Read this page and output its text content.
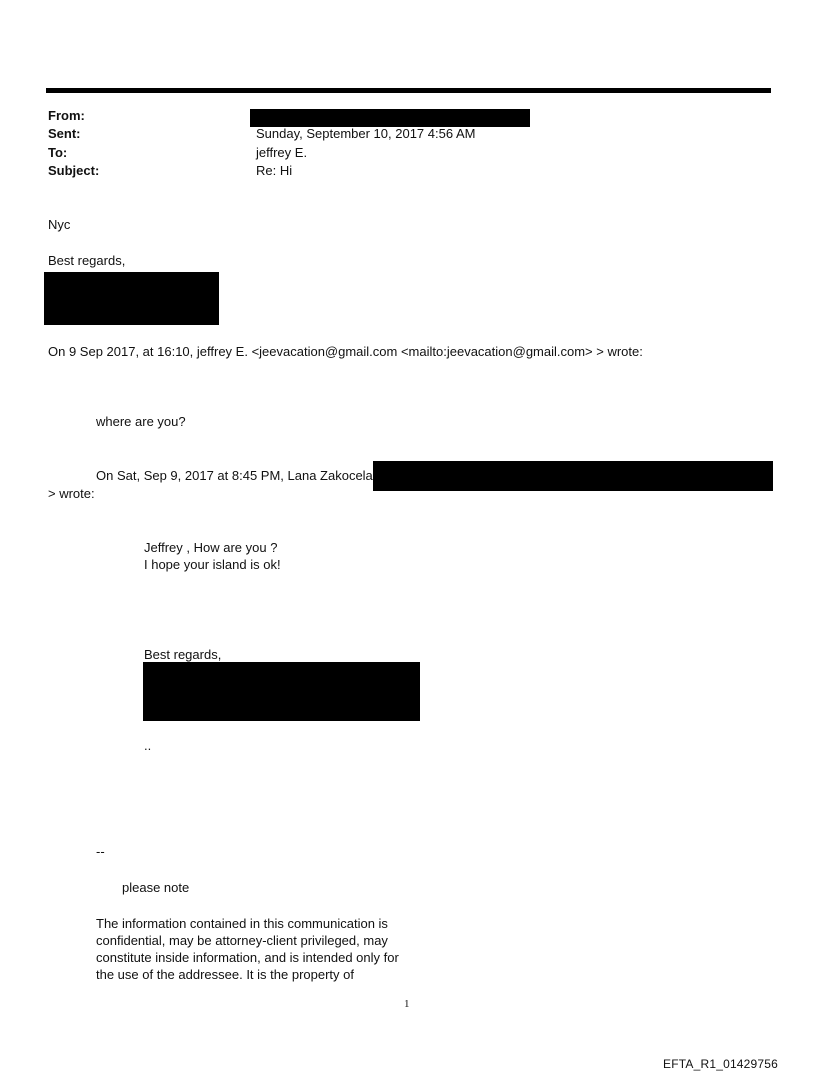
From:
Sent:	Sunday, September 10, 2017 4:56 AM
To:	jeffrey E.
Subject:	Re: Hi
Nyc
Best regards,
On 9 Sep 2017, at 16:10, jeffrey E. <jeevacation@gmail.com <mailto:jeevacation@gmail.com> > wrote:
where are you?
On Sat, Sep 9, 2017 at 8:45 PM, Lana Zakocela
> wrote:
Jeffrey , How are you ?
I hope your island is ok!
Best regards,
..
--
please note
The information contained in this communication is
confidential, may be attorney-client privileged, may
constitute inside information, and is intended only for
the use of the addressee. It is the property of
1
EFTA_R1_01429756
